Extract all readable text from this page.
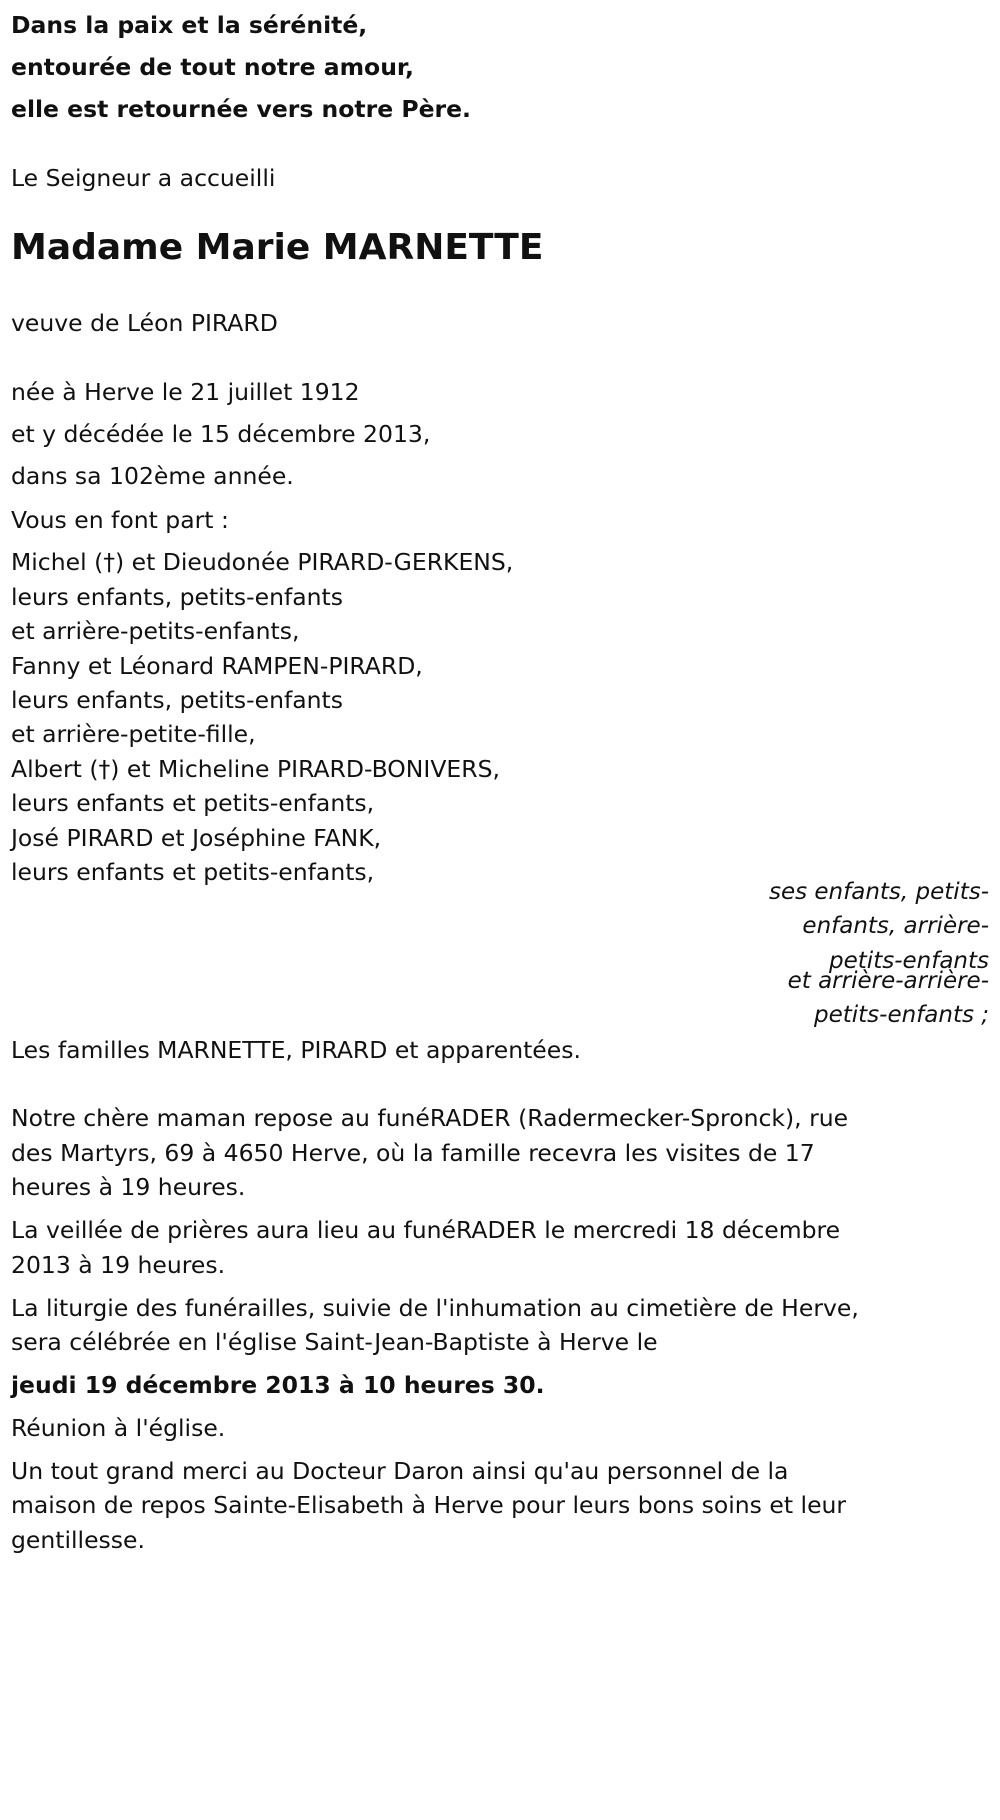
Dans la paix et la sérénité,

entourée de tout notre amour,

elle est retournée vers notre Père.

Le Seigneur a accueilli

Madame Marie MARNETTE

veuve de Léon PIRARD

née à Herve le 21 juillet 1912

et y décédée le 15 décembre 2013,

dans sa 102ème année.

Vous en font part :

Michel (†) et Dieudonée PIRARD-GERKENS,

leurs enfants, petits-enfants

et arrière-petits-enfants,

Fanny et Léonard RAMPEN-PIRARD,

leurs enfants, petits-enfants

et arrière-petite-fille,

Albert (†) et Micheline PIRARD-BONIVERS,

leurs enfants et petits-enfants,

José PIRARD et Joséphine FANK,

leurs enfants et petits-enfants,

ses enfants, petits-

enfants, arrière-

petits-enfants

et arrière-arrière-

petits-enfants ;

Les familles MARNETTE, PIRARD et apparentées.

Notre chère maman repose au funéRADER (Radermecker-Spronck), rue

des Martyrs, 69 à 4650 Herve, où la famille recevra les visites de 17

heures à 19 heures.

La veillée de prières aura lieu au funéRADER le mercredi 18 décembre

2013 à 19 heures.

La liturgie des funérailles, suivie de l'inhumation au cimetière de Herve,

sera célébrée en l'église Saint-Jean-Baptiste à Herve le

jeudi 19 décembre 2013 à 10 heures 30.

Réunion à l'église.

Un tout grand merci au Docteur Daron ainsi qu'au personnel de la

maison de repos Sainte-Elisabeth à Herve pour leurs bons soins et leur

gentillesse.
